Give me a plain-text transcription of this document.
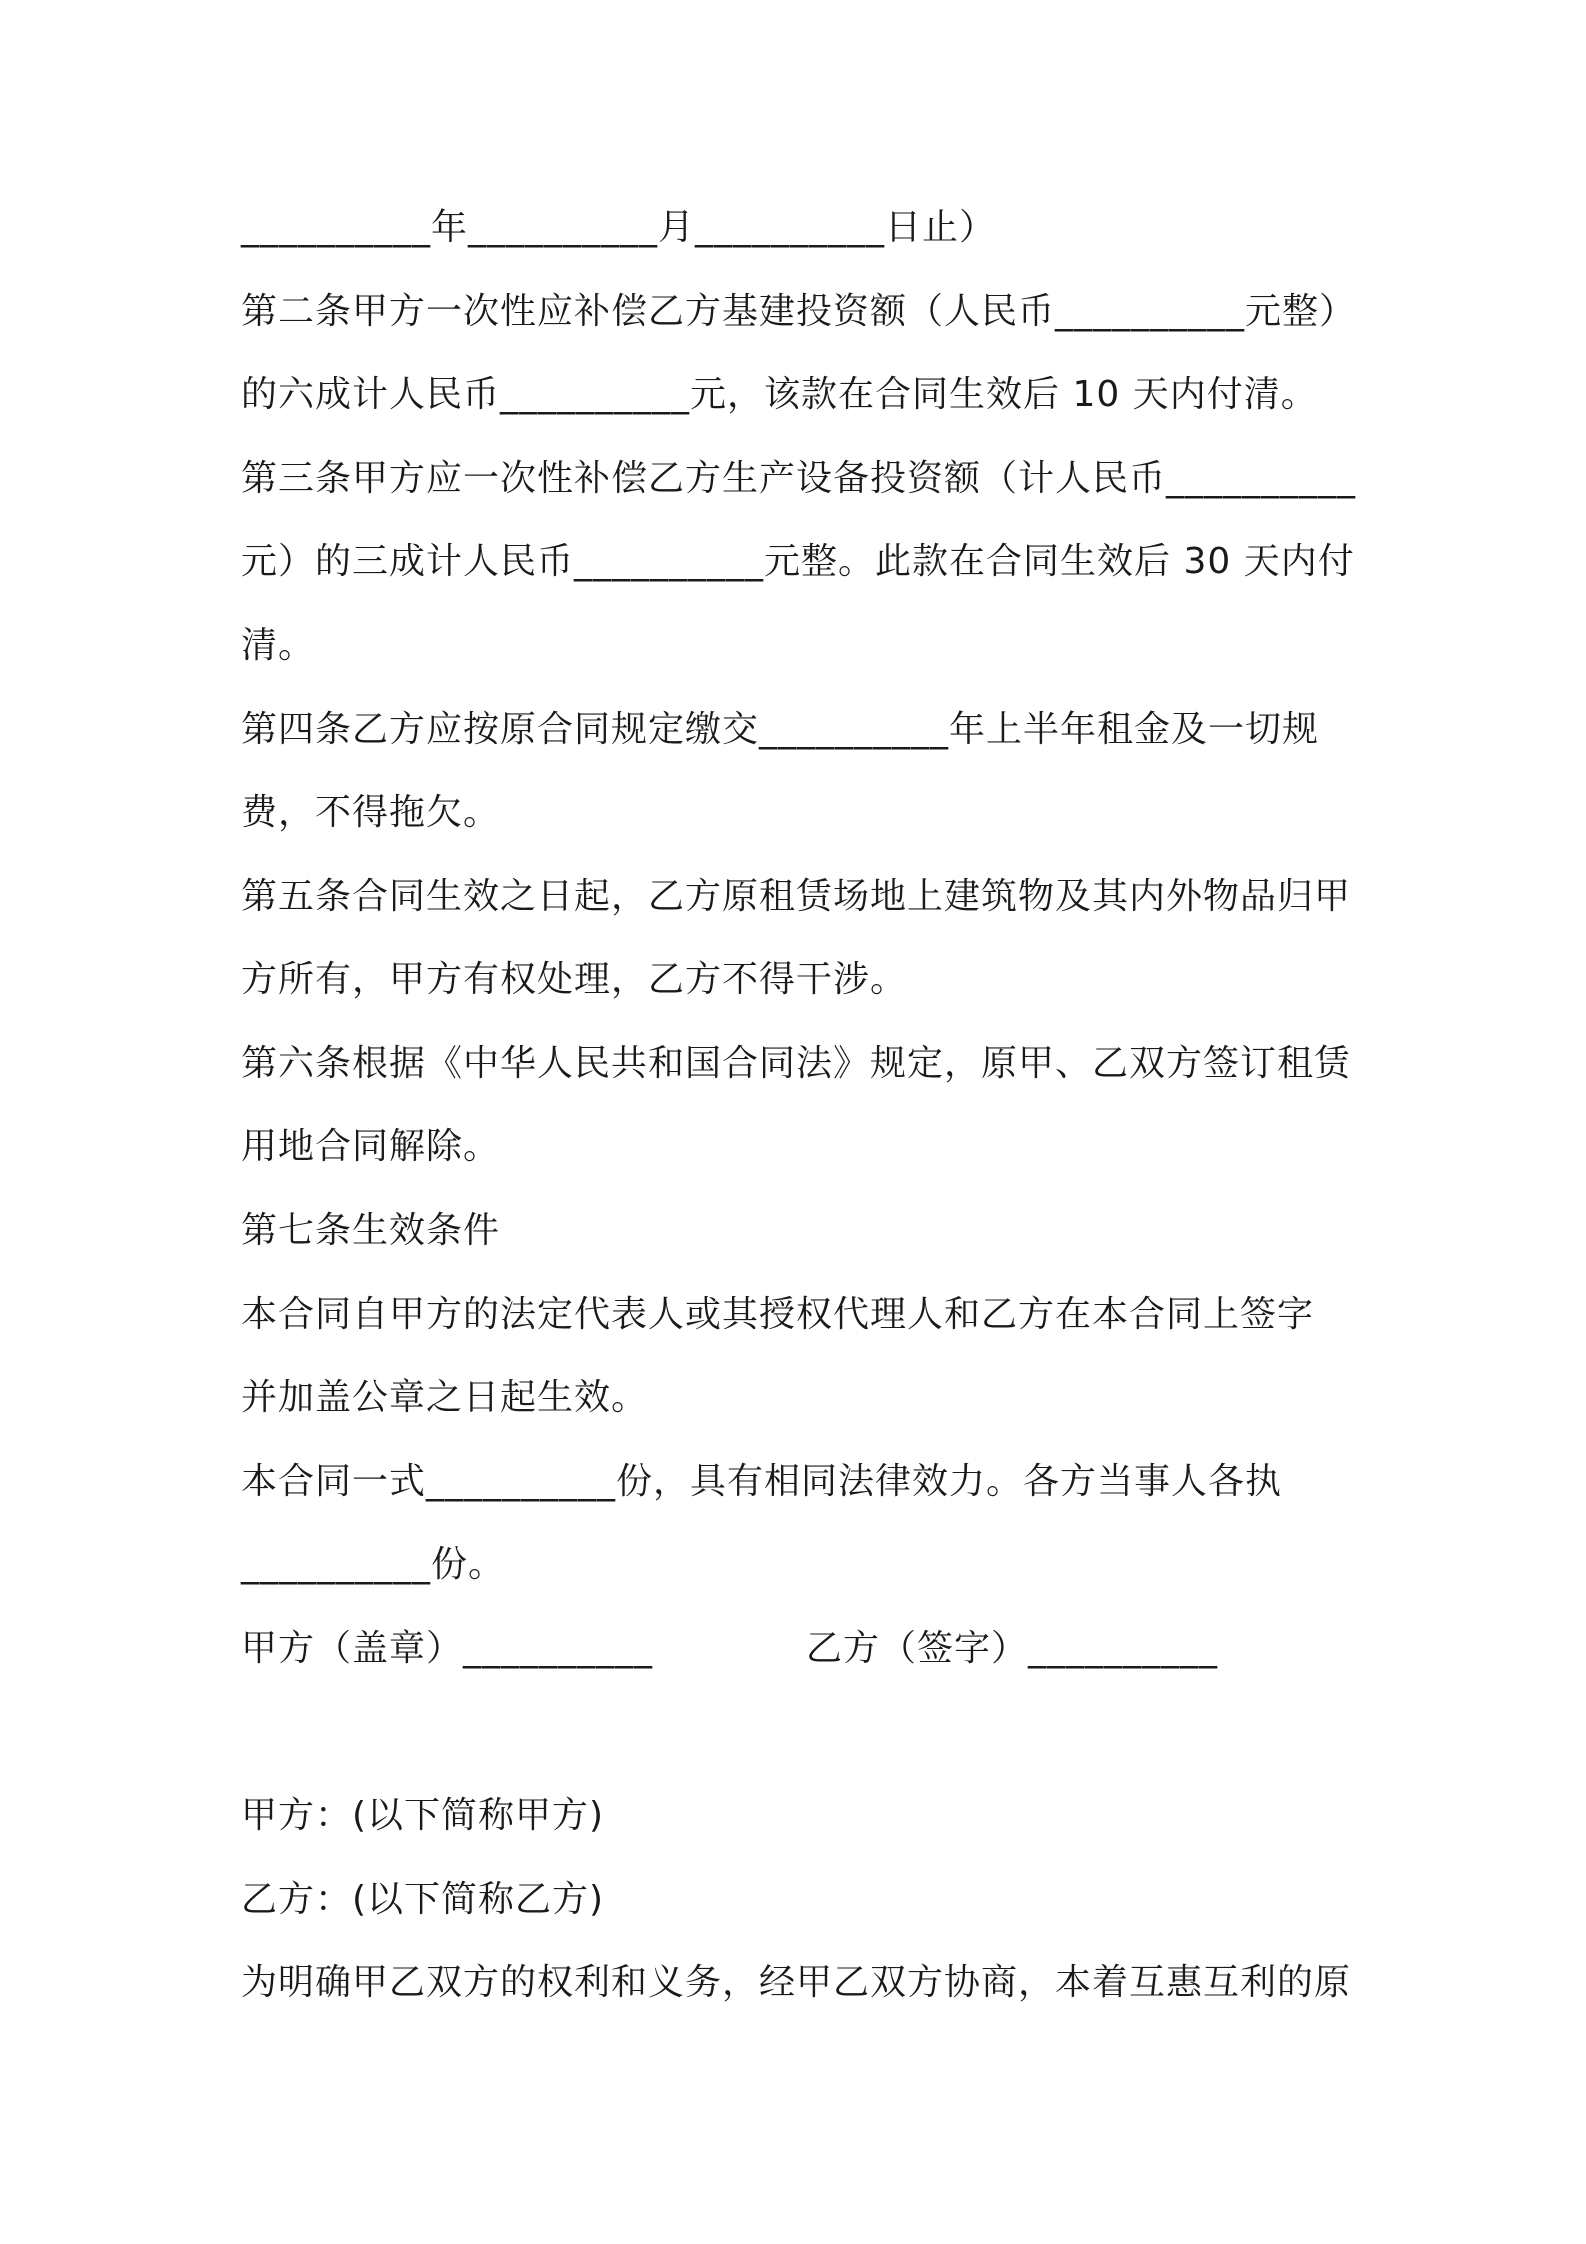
__________年__________月__________日止）
第二条甲方一次性应补偿乙方基建投资额（人民币__________元整）
的六成计人民币__________元，该款在合同生效后 10 天内付清。
第三条甲方应一次性补偿乙方生产设备投资额（计人民币__________
元）的三成计人民币__________元整。此款在合同生效后 30 天内付
清。
第四条乙方应按原合同规定缴交__________年上半年租金及一切规
费，不得拖欠。
第五条合同生效之日起，乙方原租赁场地上建筑物及其内外物品归甲
方所有，甲方有权处理，乙方不得干涉。
第六条根据《中华人民共和国合同法》规定，原甲、乙双方签订租赁
用地合同解除。
第七条生效条件
本合同自甲方的法定代表人或其授权代理人和乙方在本合同上签字
并加盖公章之日起生效。
本合同一式__________份，具有相同法律效力。各方当事人各执
__________份。
甲方（盖章）__________	乙方（签字）__________
甲方：(以下简称甲方)
乙方：(以下简称乙方)
为明确甲乙双方的权利和义务，经甲乙双方协商，本着互惠互利的原
